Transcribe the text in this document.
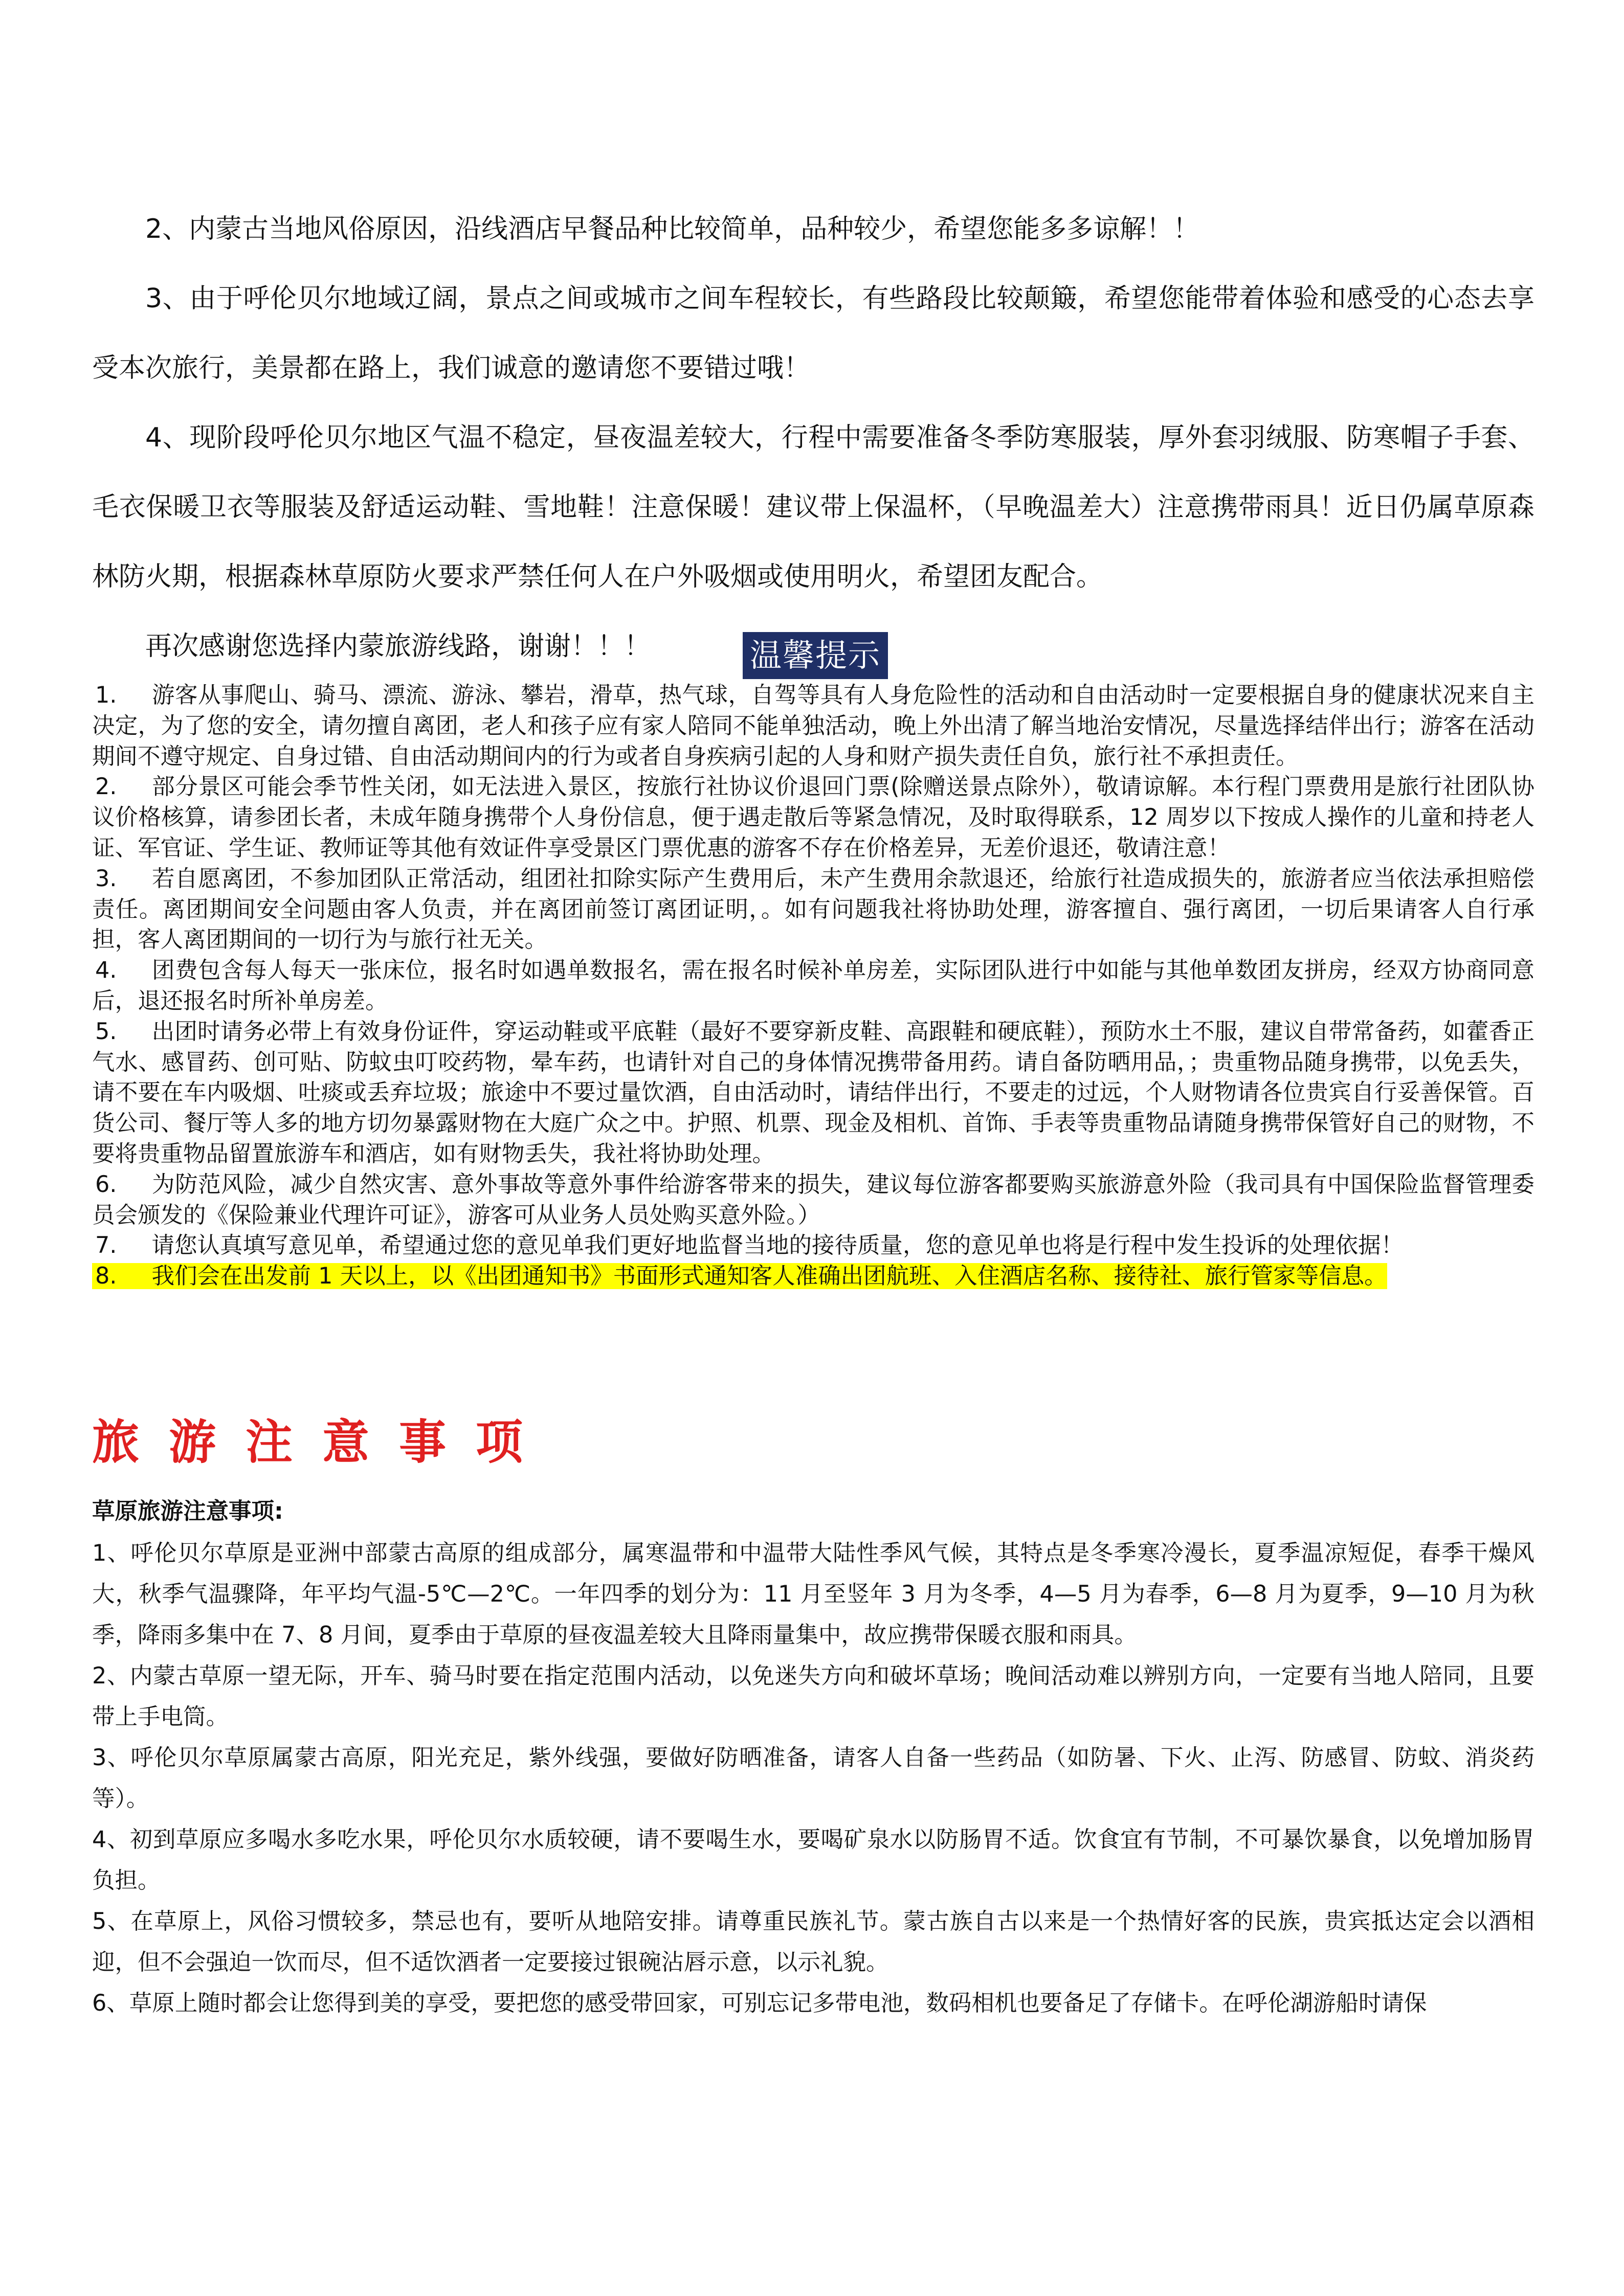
2、内蒙古当地风俗原因，沿线酒店早餐品种比较简单，品种较少，希望您能多多谅解！！

3、由于呼伦贝尔地域辽阔，景点之间或城市之间车程较长，有些路段比较颠簸，希望您能带着体验和感受的心态去享受本次旅行，美景都在路上，我们诚意的邀请您不要错过哦！

4、现阶段呼伦贝尔地区气温不稳定，昼夜温差较大，行程中需要准备冬季防寒服装，厚外套羽绒服、防寒帽子手套、毛衣保暖卫衣等服装及舒适运动鞋、雪地鞋！注意保暖！建议带上保温杯，（早晚温差大）注意携带雨具！近日仍属草原森林防火期，根据森林草原防火要求严禁任何人在户外吸烟或使用明火，希望团友配合。

再次感谢您选择内蒙旅游线路，谢谢！！！	温馨提示
1. 游客从事爬山、骑马、漂流、游泳、攀岩，滑草，热气球，自驾等具有人身危险性的活动和自由活动时一定要根据自身的健康状况来自主决定，为了您的安全，请勿擅自离团，老人和孩子应有家人陪同不能单独活动，晚上外出清了解当地治安情况，尽量选择结伴出行；游客在活动期间不遵守规定、自身过错、自由活动期间内的行为或者自身疾病引起的人身和财产损失责任自负，旅行社不承担责任。
2. 部分景区可能会季节性关闭，如无法进入景区，按旅行社协议价退回门票(除赠送景点除外），敬请谅解。本行程门票费用是旅行社团队协议价格核算，请参团长者，未成年随身携带个人身份信息，便于遇走散后等紧急情况，及时取得联系，12 周岁以下按成人操作的儿童和持老人证、军官证、学生证、教师证等其他有效证件享受景区门票优惠的游客不存在价格差异，无差价退还，敬请注意！
3. 若自愿离团，不参加团队正常活动，组团社扣除实际产生费用后，未产生费用余款退还，给旅行社造成损失的，旅游者应当依法承担赔偿责任。离团期间安全问题由客人负责，并在离团前签订离团证明，。如有问题我社将协助处理，游客擅自、强行离团，一切后果请客人自行承担，客人离团期间的一切行为与旅行社无关。
4. 团费包含每人每天一张床位，报名时如遇单数报名，需在报名时候补单房差，实际团队进行中如能与其他单数团友拼房，经双方协商同意后，退还报名时所补单房差。
5. 出团时请务必带上有效身份证件，穿运动鞋或平底鞋（最好不要穿新皮鞋、高跟鞋和硬底鞋），预防水土不服，建议自带常备药，如藿香正气水、感冒药、创可贴、防蚊虫叮咬药物，晕车药，也请针对自己的身体情况携带备用药。请自备防晒用品，；贵重物品随身携带，以免丢失，请不要在车内吸烟、吐痰或丢弃垃圾；旅途中不要过量饮酒，自由活动时，请结伴出行，不要走的过远，个人财物请各位贵宾自行妥善保管。百货公司、餐厅等人多的地方切勿暴露财物在大庭广众之中。护照、机票、现金及相机、首饰、手表等贵重物品请随身携带保管好自己的财物，不要将贵重物品留置旅游车和酒店，如有财物丢失，我社将协助处理。
6. 为防范风险，减少自然灾害、意外事故等意外事件给游客带来的损失，建议每位游客都要购买旅游意外险（我司具有中国保险监督管理委员会颁发的《保险兼业代理许可证》，游客可从业务人员处购买意外险。）
7. 请您认真填写意见单，希望通过您的意见单我们更好地监督当地的接待质量，您的意见单也将是行程中发生投诉的处理依据！
8. 我们会在出发前 1 天以上，以《出团通知书》书面形式通知客人准确出团航班、入住酒店名称、接待社、旅行管家等信息。
旅游注意事项

草原旅游注意事项:

1、呼伦贝尔草原是亚洲中部蒙古高原的组成部分，属寒温带和中温带大陆性季风气候，其特点是冬季寒冷漫长，夏季温凉短促，春季干燥风大，秋季气温骤降，年平均气温-5℃—2℃。一年四季的划分为：11 月至竖年 3 月为冬季，4—5 月为春季，6—8 月为夏季，9—10 月为秋季，降雨多集中在 7、8 月间，夏季由于草原的昼夜温差较大且降雨量集中，故应携带保暖衣服和雨具。

2、内蒙古草原一望无际，开车、骑马时要在指定范围内活动，以免迷失方向和破坏草场；晚间活动难以辨别方向，一定要有当地人陪同，且要带上手电筒。

3、呼伦贝尔草原属蒙古高原，阳光充足，紫外线强，要做好防晒准备，请客人自备一些药品（如防暑、下火、止泻、防感冒、防蚊、消炎药等）。

4、初到草原应多喝水多吃水果，呼伦贝尔水质较硬，请不要喝生水，要喝矿泉水以防肠胃不适。饮食宜有节制，不可暴饮暴食，以免增加肠胃负担。

5、在草原上，风俗习惯较多，禁忌也有，要听从地陪安排。请尊重民族礼节。蒙古族自古以来是一个热情好客的民族，贵宾抵达定会以酒相迎，但不会强迫一饮而尽，但不适饮酒者一定要接过银碗沾唇示意，以示礼貌。

6、草原上随时都会让您得到美的享受，要把您的感受带回家，可别忘记多带电池，数码相机也要备足了存储卡。在呼伦湖游船时请保
